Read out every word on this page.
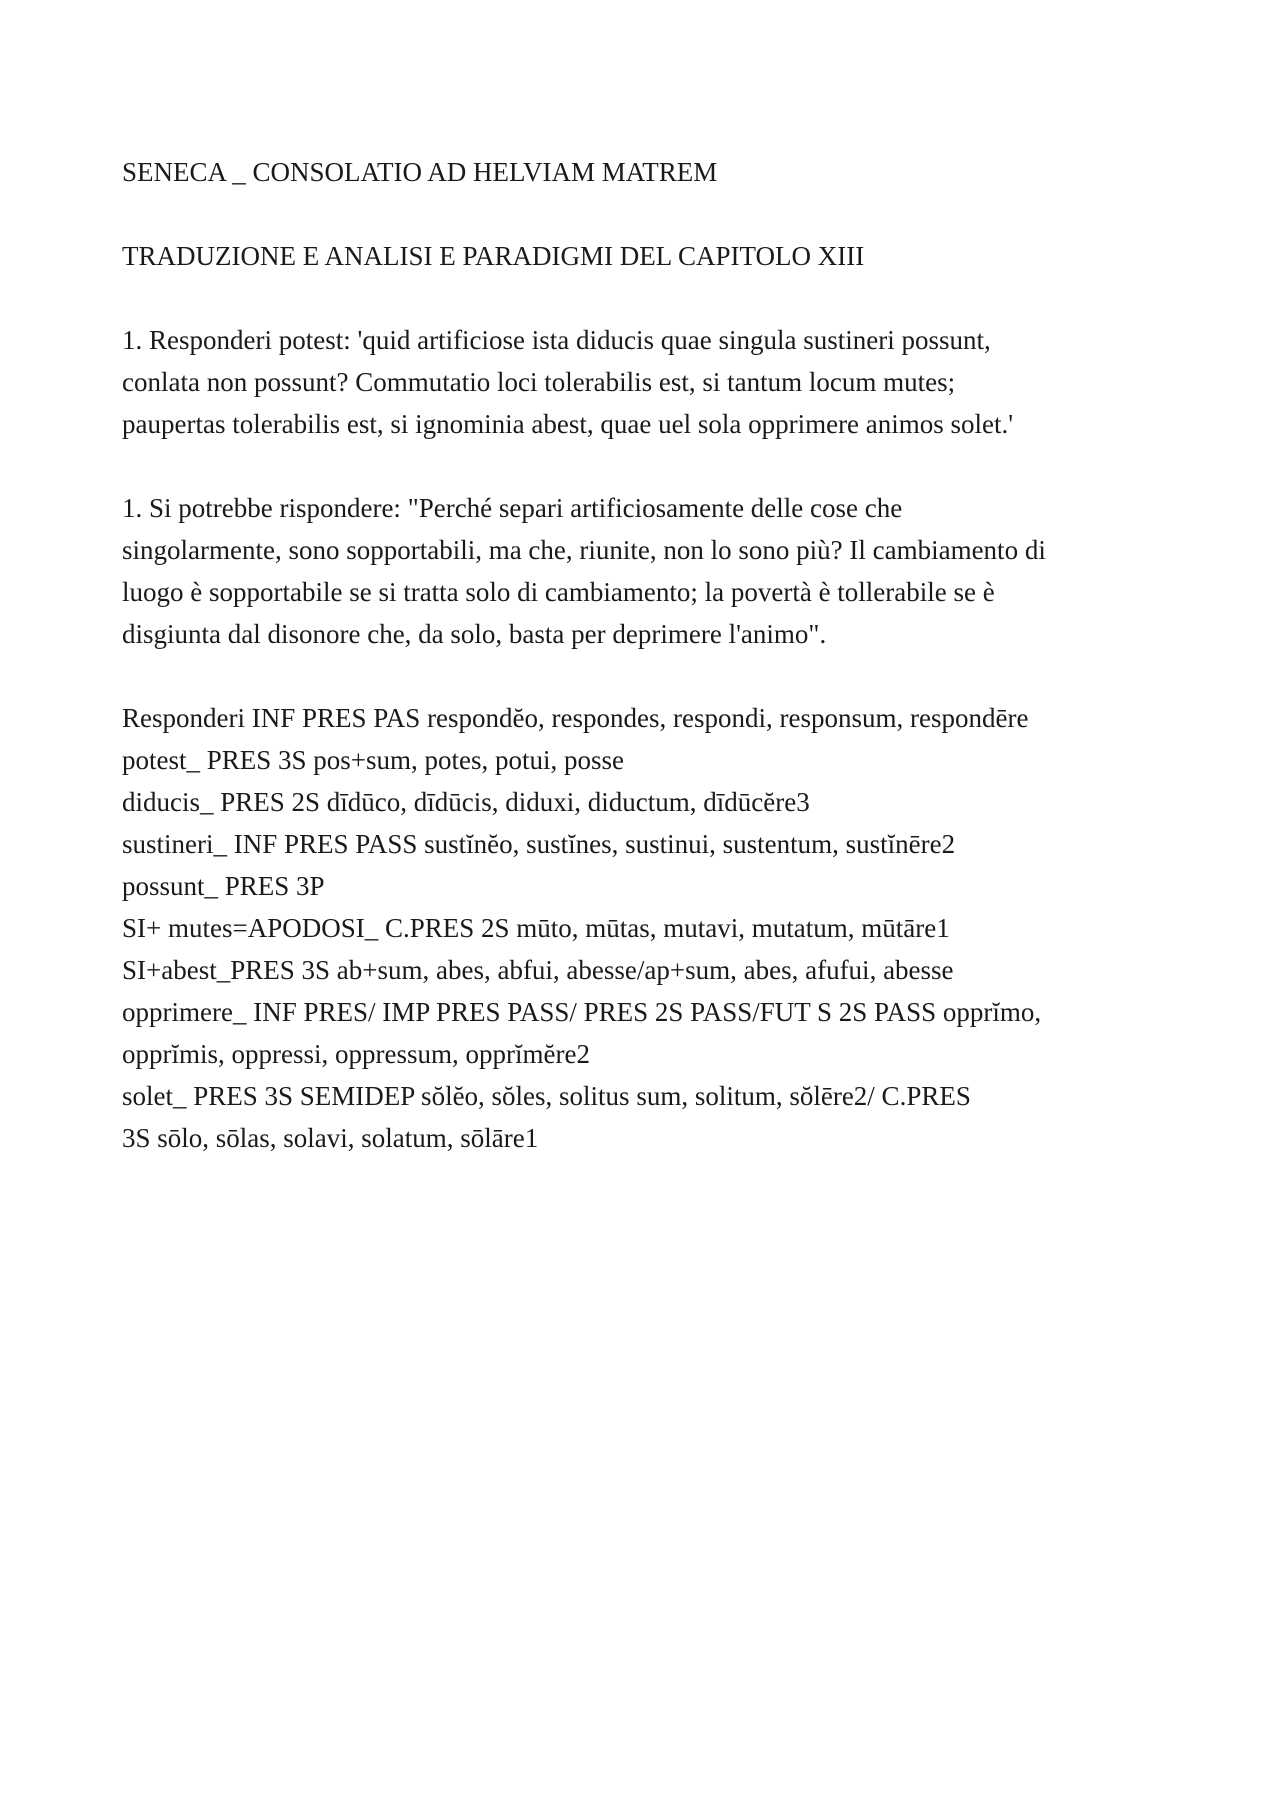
SENECA _ CONSOLATIO AD HELVIAM MATREM
TRADUZIONE E ANALISI E PARADIGMI DEL CAPITOLO XIII
1. Responderi potest: 'quid artificiose ista diducis quae singula sustineri possunt,
conlata non possunt? Commutatio loci tolerabilis est, si tantum locum mutes;
paupertas tolerabilis est, si ignominia abest, quae uel sola opprimere animos solet.'
1. Si potrebbe rispondere: "Perché separi artificiosamente delle cose che
singolarmente, sono sopportabili, ma che, riunite, non lo sono più? Il cambiamento di
luogo è sopportabile se si tratta solo di cambiamento; la povertà è tollerabile se è
disgiunta dal disonore che, da solo, basta per deprimere l'animo".
Responderi INF PRES PAS respondĕo, respondes, respondi, responsum, respondēre
potest_ PRES 3S pos+sum, potes, potui, posse
diducis_ PRES 2S dīdūco, dīdūcis, diduxi, diductum, dīdūcĕre3
sustineri_ INF PRES PASS sustĭnĕo, sustĭnes, sustinui, sustentum, sustĭnēre2
possunt_ PRES 3P
SI+ mutes=APODOSI_ C.PRES 2S mūto, mūtas, mutavi, mutatum, mūtāre1
SI+abest_PRES 3S ab+sum, abes, abfui, abesse/ap+sum, abes, afufui, abesse
opprimere_ INF PRES/ IMP PRES PASS/ PRES 2S PASS/FUT S 2S PASS opprĭmo,
opprĭmis, oppressi, oppressum, opprĭmĕre2
solet_ PRES 3S SEMIDEP sŏlĕo, sŏles, solitus sum, solitum, sŏlēre2/ C.PRES
3S sōlo, sōlas, solavi, solatum, sōlāre1
